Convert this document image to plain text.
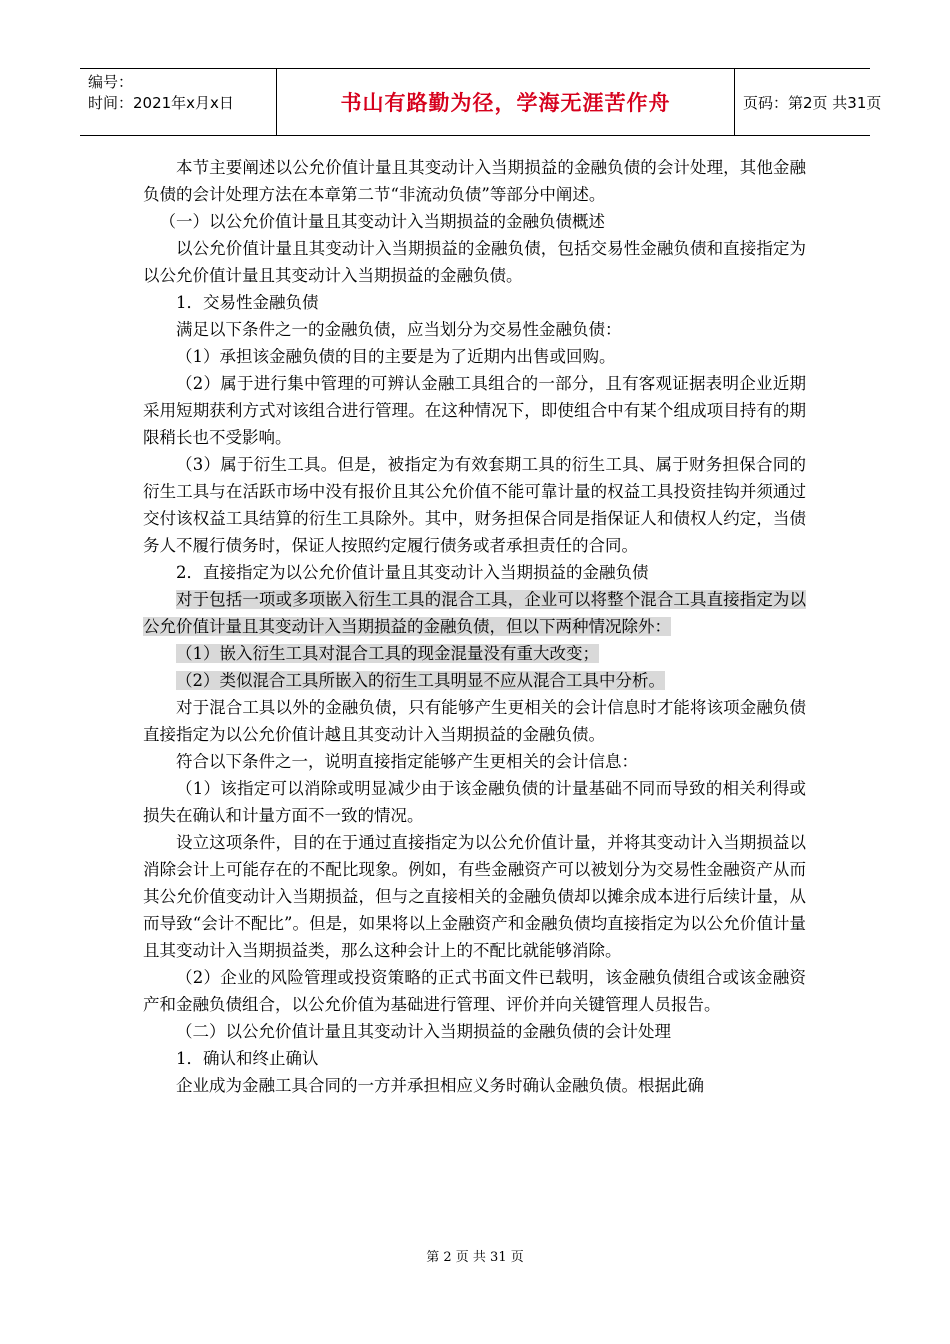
编号：
时间：2021年x月x日	书山有路勤为径，学海无涯苦作舟	页码：第2页 共31页

本节主要阐述以公允价值计量且其变动计入当期损益的金融负债的会计处理，其他金融负债的会计处理方法在本章第二节“非流动负债”等部分中阐述。

（一）以公允价值计量且其变动计入当期损益的金融负债概述

以公允价值计量且其变动计入当期损益的金融负债，包括交易性金融负债和直接指定为以公允价值计量且其变动计入当期损益的金融负债。

1．交易性金融负债

满足以下条件之一的金融负债，应当划分为交易性金融负债：

（1）承担该金融负债的目的主要是为了近期内出售或回购。

（2）属于进行集中管理的可辨认金融工具组合的一部分，且有客观证据表明企业近期采用短期获利方式对该组合进行管理。在这种情况下，即使组合中有某个组成项目持有的期限稍长也不受影响。

（3）属于衍生工具。但是，被指定为有效套期工具的衍生工具、属于财务担保合同的衍生工具与在活跃市场中没有报价且其公允价值不能可靠计量的权益工具投资挂钩并须通过交付该权益工具结算的衍生工具除外。其中，财务担保合同是指保证人和债权人约定，当债务人不履行债务时，保证人按照约定履行债务或者承担责任的合同。

2．直接指定为以公允价值计量且其变动计入当期损益的金融负债

对于包括一项或多项嵌入衍生工具的混合工具，企业可以将整个混合工具直接指定为以公允价值计量且其变动计入当期损益的金融负债，但以下两种情况除外：

（1）嵌入衍生工具对混合工具的现金混量没有重大改变；

（2）类似混合工具所嵌入的衍生工具明显不应从混合工具中分析。

对于混合工具以外的金融负债，只有能够产生更相关的会计信息时才能将该项金融负债直接指定为以公允价值计越且其变动计入当期损益的金融负债。

符合以下条件之一，说明直接指定能够产生更相关的会计信息：

（1）该指定可以消除或明显减少由于该金融负债的计量基础不同而导致的相关利得或损失在确认和计量方面不一致的情况。

设立这项条件，目的在于通过直接指定为以公允价值计量，并将其变动计入当期损益以消除会计上可能存在的不配比现象。例如，有些金融资产可以被划分为交易性金融资产从而其公允价值变动计入当期损益，但与之直接相关的金融负债却以摊余成本进行后续计量，从而导致“会计不配比”。但是，如果将以上金融资产和金融负债均直接指定为以公允价值计量且其变动计入当期损益类，那么这种会计上的不配比就能够消除。

（2）企业的风险管理或投资策略的正式书面文件已载明，该金融负债组合或该金融资产和金融负债组合，以公允价值为基础进行管理、评价并向关键管理人员报告。

（二）以公允价值计量且其变动计入当期损益的金融负债的会计处理

1．确认和终止确认

企业成为金融工具合同的一方并承担相应义务时确认金融负债。根据此确

第 2 页 共 31 页
